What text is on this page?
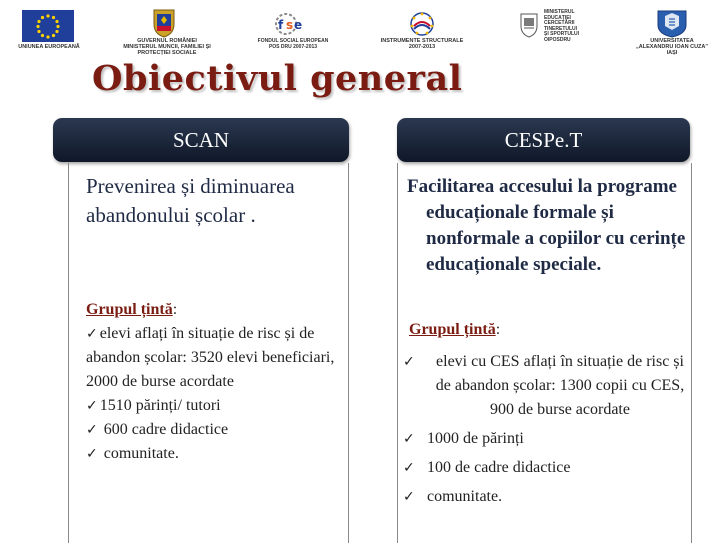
UNIUNEA EUROPEANĂ
GUVERNUL ROMÂNIEI
MINISTERUL MUNCII, FAMILIEI ȘI
PROTECȚIEI SOCIALE
f s e
FONDUL SOCIAL EUROPEAN
POS DRU 2007-2013
INSTRUMENTE STRUCTURALE
2007-2013
MINISTERUL
EDUCAȚIEI
CERCETĂRII
TINERETULUI
ȘI SPORTULUI
OIPOSDRU	UNIVERSITATEA
„ALEXANDRU IOAN CUZA"
IAȘI
Obiectivul general
SCAN
Prevenirea și diminuarea abandonului școlar .
Grupul țintă:
✓ elevi aflați în situație de risc și de abandon școlar: 3520 elevi beneficiari, 2000 de burse acordate
✓ 1510 părinți/ tutori
✓ 600 cadre didactice
✓ comunitate.
CESPe.T
Facilitarea accesului la programe educaționale formale și nonformale a copiilor cu cerințe educaționale speciale.
Grupul țintă:
✓	elevi cu CES aflați în situație de risc și de abandon școlar: 1300 copii cu CES, 900 de burse acordate
✓ 1000 de părinți
✓ 100 de cadre didactice
✓ comunitate.
